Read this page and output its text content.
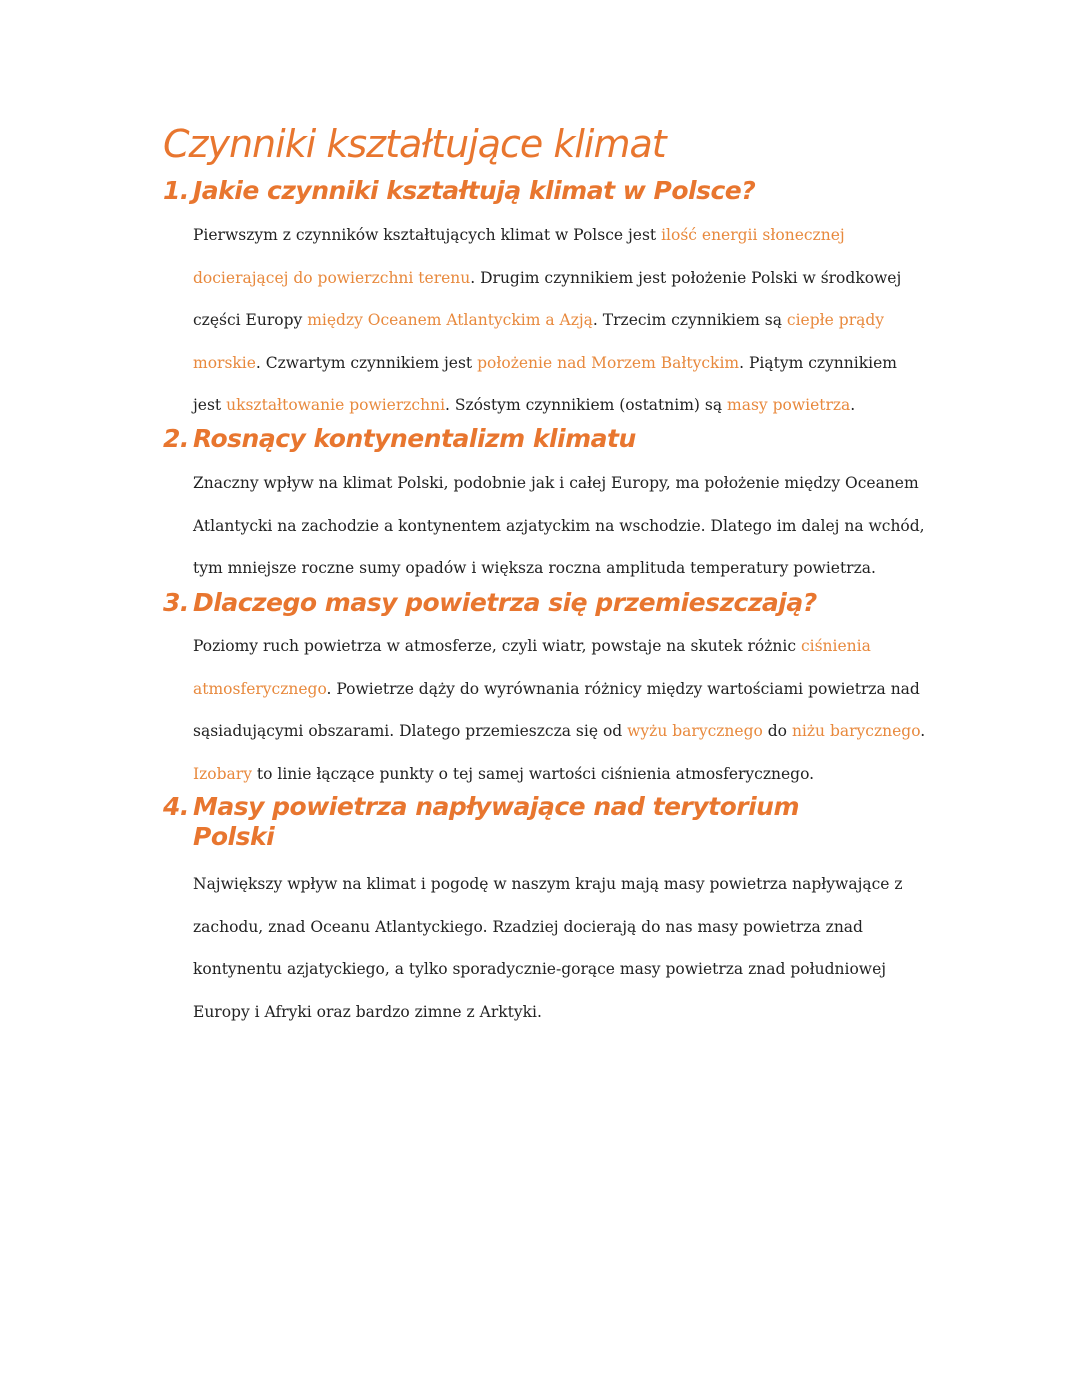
Czynniki kształtujące klimat
1. Jakie czynniki kształtują klimat w Polsce?

Pierwszym z czynników kształtujących klimat w Polsce jest ilość energii słonecznej docierającej do powierzchni terenu. Drugim czynnikiem jest położenie Polski w środkowej części Europy między Oceanem Atlantyckim a Azją. Trzecim czynnikiem są ciepłe prądy morskie. Czwartym czynnikiem jest położenie nad Morzem Bałtyckim. Piątym czynnikiem jest ukształtowanie powierzchni. Szóstym czynnikiem (ostatnim) są masy powietrza.

2. Rosnący kontynentalizm klimatu

Znaczny wpływ na klimat Polski, podobnie jak i całej Europy, ma położenie między Oceanem Atlantycki na zachodzie a kontynentem azjatyckim na wschodzie. Dlatego im dalej na wchód, tym mniejsze roczne sumy opadów i większa roczna amplituda temperatury powietrza.

3. Dlaczego masy powietrza się przemieszczają?

Poziomy ruch powietrza w atmosferze, czyli wiatr, powstaje na skutek różnic ciśnienia atmosferycznego. Powietrze dąży do wyrównania różnicy między wartościami powietrza nad sąsiadującymi obszarami. Dlatego przemieszcza się od wyżu barycznego do niżu barycznego. Izobary to linie łączące punkty o tej samej wartości ciśnienia atmosferycznego.

4. Masy powietrza napływające nad terytorium
Polski

Największy wpływ na klimat i pogodę w naszym kraju mają masy powietrza napływające z zachodu, znad Oceanu Atlantyckiego. Rzadziej docierają do nas masy powietrza znad kontynentu azjatyckiego, a tylko sporadycznie-gorące masy powietrza znad południowej Europy i Afryki oraz bardzo zimne z Arktyki.
